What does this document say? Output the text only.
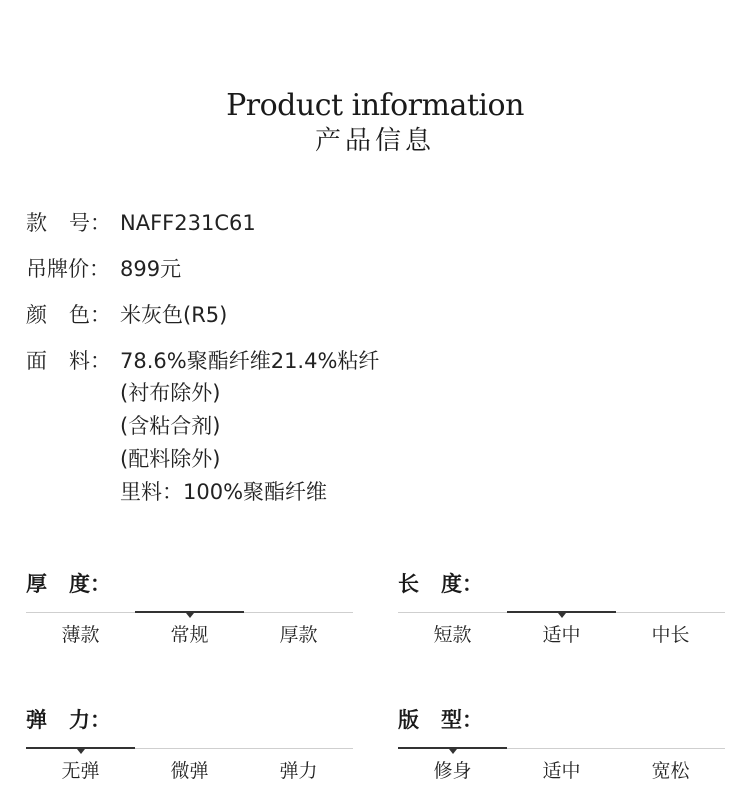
Product information
产品信息
款 号： NAFF231C61
吊牌价： 899元
颜 色： 米灰色(R5)
面 料： 78.6%聚酯纤维21.4%粘纤
(衬布除外)
(含粘合剂)
(配料除外)
里料：100%聚酯纤维
厚 度：
薄款	常规	厚款
长 度：
短款	适中	中长
弹 力：
无弹	微弹	弹力
版 型：
修身	适中	宽松
